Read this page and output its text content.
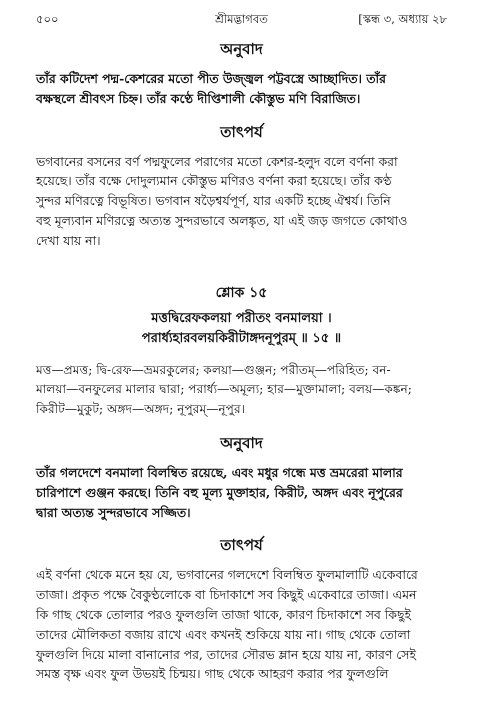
৫০০	শ্রীমদ্ভাগবত	[স্কন্ধ ৩, অধ্যায় ২৮
অনুবাদ

তাঁর কটিদেশ পদ্ম-কেশরের মতো পীত উজ্জ্বল পট্টবস্ত্রে আচ্ছাদিত। তাঁর
বক্ষস্থলে শ্রীবৎস চিহ্ন। তাঁর কণ্ঠে দীপ্তিশালী কৌস্তুভ মণি বিরাজিত।

তাৎপর্য

ভগবানের বসনের বর্ণ পদ্মফুলের পরাগের মতো কেশর-হলুদ বলে বর্ণনা করা
হয়েছে। তাঁর বক্ষে দোদুল্যমান কৌস্তুভ মণিরও বর্ণনা করা হয়েছে। তাঁর কণ্ঠ
সুন্দর মণিরত্নে বিভূষিত। ভগবান ষড়ৈশ্বর্যপূর্ণ, যার একটি হচ্ছে ঐশ্বর্য। তিনি
বহু মূল্যবান মণিরত্নে অত্যন্ত সুন্দরভাবে অলঙ্কৃত, যা এই জড় জগতে কোথাও
দেখা যায় না।

শ্লোক ১৫
মত্তদ্বিরেফকলয়া পরীতং বনমালয়া ।
পরার্ধ্যহারবলয়কিরীটাঙ্গদনূপুরম্ ॥ ১৫ ॥

মত্ত—প্রমত্ত; দ্বি-রেফ—ভ্রমরকুলের; কলয়া—গুঞ্জন; পরীতম্—পরিহিত; বন-
মালয়া—বনফুলের মালার দ্বারা; পরার্ধ্য—অমূল্য; হার—মুক্তামালা; বলয়—কঙ্কন;
কিরীট—মুকুট; অঙ্গদ—অঙ্গদ; নূপুরম্—নূপুর।

অনুবাদ

তাঁর গলদেশে বনমালা বিলম্বিত রয়েছে, এবং মধুর গন্ধে মত্ত ভ্রমরেরা মালার
চারিপাশে গুঞ্জন করছে। তিনি বহু মূল্য মুক্তাহার, কিরীট, অঙ্গদ এবং নূপুরের
দ্বারা অত্যন্ত সুন্দরভাবে সজ্জিত।

তাৎপর্য

এই বর্ণনা থেকে মনে হয় যে, ভগবানের গলদেশে বিলম্বিত ফুলমালাটি একেবারে
তাজা। প্রকৃত পক্ষে বৈকুণ্ঠলোকে বা চিদাকাশে সব কিছুই একেবারে তাজা। এমন
কি গাছ থেকে তোলার পরও ফুলগুলি তাজা থাকে, কারণ চিদাকাশে সব কিছুই
তাদের মৌলিকতা বজায় রাখে এবং কখনই শুকিয়ে যায় না। গাছ থেকে তোলা
ফুলগুলি দিয়ে মালা বানানোর পর, তাদের সৌরভ ম্লান হয়ে যায় না, কারণ সেই
সমস্ত বৃক্ষ এবং ফুল উভয়ই চিন্ময়। গাছ থেকে আহরণ করার পর ফুলগুলি
